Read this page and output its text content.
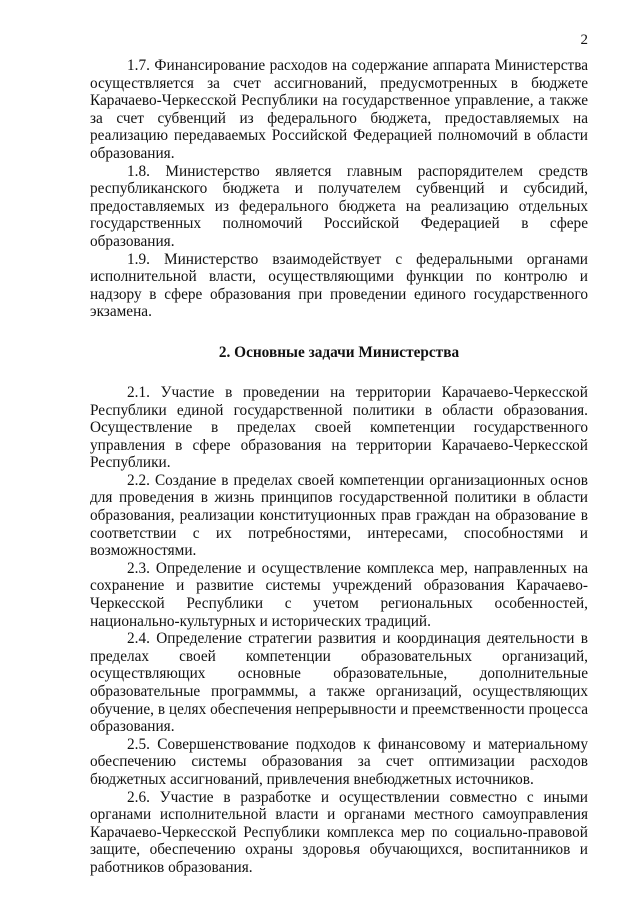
2

1.7. Финансирование расходов на содержание аппарата Министерства осуществляется за счет ассигнований, предусмотренных в бюджете Карачаево-Черкесской Республики на государственное управление, а также за счет субвенций из федерального бюджета, предоставляемых на реализацию передаваемых Российской Федерацией полномочий в области образования.

1.8. Министерство является главным распорядителем средств республиканского бюджета и получателем субвенций и субсидий, предоставляемых из федерального бюджета на реализацию отдельных государственных полномочий Российской Федерацией в сфере образования.

1.9. Министерство взаимодействует с федеральными органами исполнительной власти, осуществляющими функции по контролю и надзору в сфере образования при проведении единого государственного экзамена.

2. Основные задачи Министерства

2.1. Участие в проведении на территории Карачаево-Черкесской Республики единой государственной политики в области образования. Осуществление в пределах своей компетенции государственного управления в сфере образования на территории Карачаево-Черкесской Республики.

2.2. Создание в пределах своей компетенции организационных основ для проведения в жизнь принципов государственной политики в области образования, реализации конституционных прав граждан на образование в соответствии с их потребностями, интересами, способностями и возможностями.

2.3. Определение и осуществление комплекса мер, направленных на сохранение и развитие системы учреждений образования Карачаево-Черкесской Республики с учетом региональных особенностей, национально-культурных и исторических традиций.

2.4. Определение стратегии развития и координация деятельности в пределах своей компетенции образовательных организаций, осуществляющих основные образовательные, дополнительные образовательные программмы, а также организаций, осуществляющих обучение, в целях обеспечения непрерывности и преемственности процесса образования.

2.5. Совершенствование подходов к финансовому и материальному обеспечению системы образования за счет оптимизации расходов бюджетных ассигнований, привлечения внебюджетных источников.

2.6. Участие в разработке и осуществлении совместно с иными органами исполнительной власти и органами местного самоуправления Карачаево-Черкесской Республики комплекса мер по социально-правовой защите, обеспечению охраны здоровья обучающихся, воспитанников и работников образования.
